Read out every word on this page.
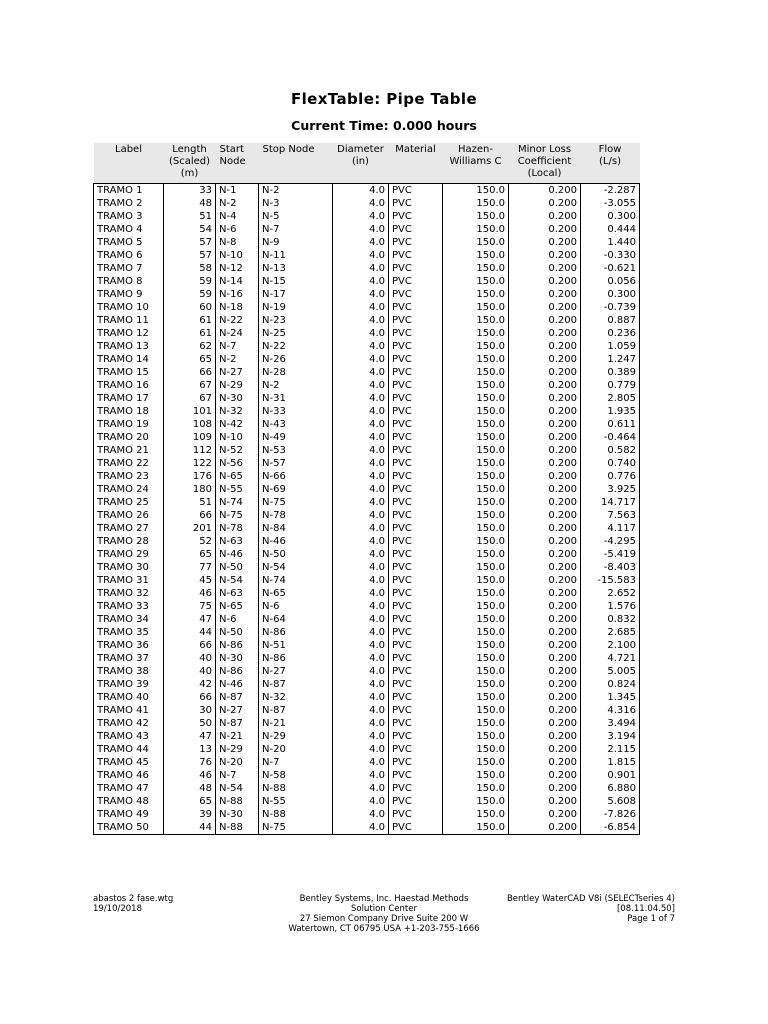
FlexTable: Pipe Table
Current Time: 0.000 hours
Label	Length
(Scaled)
(m)	Start
Node	Stop Node	Diameter
(in)	Material	Hazen-
Williams C	Minor Loss
Coefficient
(Local)	Flow
(L/s)
TRAMO 1	33	N-1	N-2	4.0	PVC	150.0	0.200	-2.287
TRAMO 2	48	N-2	N-3	4.0	PVC	150.0	0.200	-3.055
TRAMO 3	51	N-4	N-5	4.0	PVC	150.0	0.200	0.300
TRAMO 4	54	N-6	N-7	4.0	PVC	150.0	0.200	0.444
TRAMO 5	57	N-8	N-9	4.0	PVC	150.0	0.200	1.440
TRAMO 6	57	N-10	N-11	4.0	PVC	150.0	0.200	-0.330
TRAMO 7	58	N-12	N-13	4.0	PVC	150.0	0.200	-0.621
TRAMO 8	59	N-14	N-15	4.0	PVC	150.0	0.200	0.056
TRAMO 9	59	N-16	N-17	4.0	PVC	150.0	0.200	0.300
TRAMO 10	60	N-18	N-19	4.0	PVC	150.0	0.200	-0.739
TRAMO 11	61	N-22	N-23	4.0	PVC	150.0	0.200	0.887
TRAMO 12	61	N-24	N-25	4.0	PVC	150.0	0.200	0.236
TRAMO 13	62	N-7	N-22	4.0	PVC	150.0	0.200	1.059
TRAMO 14	65	N-2	N-26	4.0	PVC	150.0	0.200	1.247
TRAMO 15	66	N-27	N-28	4.0	PVC	150.0	0.200	0.389
TRAMO 16	67	N-29	N-2	4.0	PVC	150.0	0.200	0.779
TRAMO 17	67	N-30	N-31	4.0	PVC	150.0	0.200	2.805
TRAMO 18	101	N-32	N-33	4.0	PVC	150.0	0.200	1.935
TRAMO 19	108	N-42	N-43	4.0	PVC	150.0	0.200	0.611
TRAMO 20	109	N-10	N-49	4.0	PVC	150.0	0.200	-0.464
TRAMO 21	112	N-52	N-53	4.0	PVC	150.0	0.200	0.582
TRAMO 22	122	N-56	N-57	4.0	PVC	150.0	0.200	0.740
TRAMO 23	176	N-65	N-66	4.0	PVC	150.0	0.200	0.776
TRAMO 24	180	N-55	N-69	4.0	PVC	150.0	0.200	3.925
TRAMO 25	51	N-74	N-75	4.0	PVC	150.0	0.200	14.717
TRAMO 26	66	N-75	N-78	4.0	PVC	150.0	0.200	7.563
TRAMO 27	201	N-78	N-84	4.0	PVC	150.0	0.200	4.117
TRAMO 28	52	N-63	N-46	4.0	PVC	150.0	0.200	-4.295
TRAMO 29	65	N-46	N-50	4.0	PVC	150.0	0.200	-5.419
TRAMO 30	77	N-50	N-54	4.0	PVC	150.0	0.200	-8.403
TRAMO 31	45	N-54	N-74	4.0	PVC	150.0	0.200	-15.583
TRAMO 32	46	N-63	N-65	4.0	PVC	150.0	0.200	2.652
TRAMO 33	75	N-65	N-6	4.0	PVC	150.0	0.200	1.576
TRAMO 34	47	N-6	N-64	4.0	PVC	150.0	0.200	0.832
TRAMO 35	44	N-50	N-86	4.0	PVC	150.0	0.200	2.685
TRAMO 36	66	N-86	N-51	4.0	PVC	150.0	0.200	2.100
TRAMO 37	40	N-30	N-86	4.0	PVC	150.0	0.200	4.721
TRAMO 38	40	N-86	N-27	4.0	PVC	150.0	0.200	5.005
TRAMO 39	42	N-46	N-87	4.0	PVC	150.0	0.200	0.824
TRAMO 40	66	N-87	N-32	4.0	PVC	150.0	0.200	1.345
TRAMO 41	30	N-27	N-87	4.0	PVC	150.0	0.200	4.316
TRAMO 42	50	N-87	N-21	4.0	PVC	150.0	0.200	3.494
TRAMO 43	47	N-21	N-29	4.0	PVC	150.0	0.200	3.194
TRAMO 44	13	N-29	N-20	4.0	PVC	150.0	0.200	2.115
TRAMO 45	76	N-20	N-7	4.0	PVC	150.0	0.200	1.815
TRAMO 46	46	N-7	N-58	4.0	PVC	150.0	0.200	0.901
TRAMO 47	48	N-54	N-88	4.0	PVC	150.0	0.200	6.880
TRAMO 48	65	N-88	N-55	4.0	PVC	150.0	0.200	5.608
TRAMO 49	39	N-30	N-88	4.0	PVC	150.0	0.200	-7.826
TRAMO 50	44	N-88	N-75	4.0	PVC	150.0	0.200	-6.854
abastos 2 fase.wtg
19/10/2018
Bentley Systems, Inc. Haestad Methods
Solution Center
27 Siemon Company Drive Suite 200 W
Watertown, CT 06795 USA +1-203-755-1666
Bentley WaterCAD V8i (SELECTseries 4)
[08.11.04.50]
Page 1 of 7
